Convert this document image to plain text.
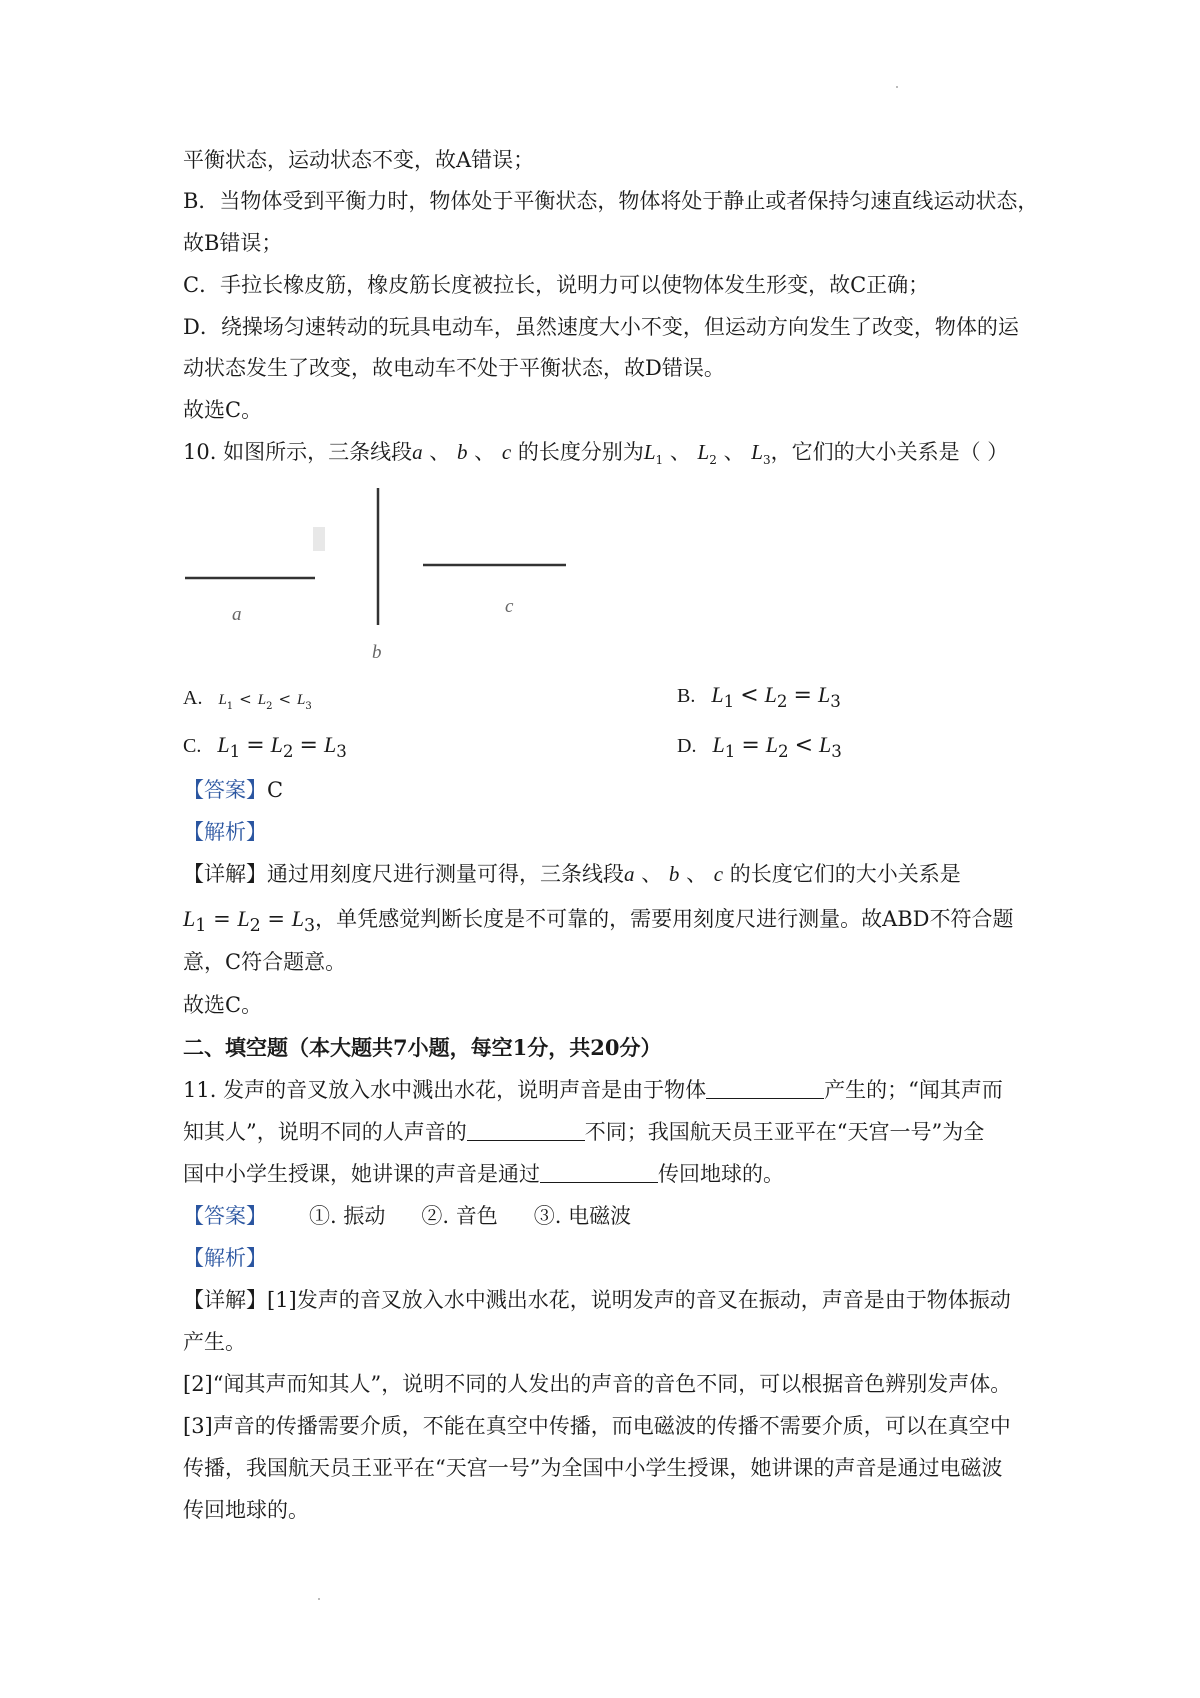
平衡状态，运动状态不变，故A错误；
B．当物体受到平衡力时，物体处于平衡状态，物体将处于静止或者保持匀速直线运动状态，
故B错误；
C．手拉长橡皮筋，橡皮筋长度被拉长，说明力可以使物体发生形变，故C正确；
D．绕操场匀速转动的玩具电动车，虽然速度大小不变，但运动方向发生了改变，物体的运
动状态发生了改变，故电动车不处于平衡状态，故D错误。
故选C。
10. 如图所示，三条线段a 、 b 、 c 的长度分别为$L_1$ 、 $L_2$ 、 $L_3$，它们的大小关系是（ ）
a
b
c
A. $L_1 < L_2 < L_3$	B. $L_1 < L_2 = L_3$
C. $L_1 = L_2 = L_3$	D. $L_1 = L_2 < L_3$
【答案】C
【解析】
【详解】通过用刻度尺进行测量可得，三条线段a 、 b 、 c 的长度它们的大小关系是
$L_1 = L_2 = L_3$，单凭感觉判断长度是不可靠的，需要用刻度尺进行测量。故ABD不符合题
意，C符合题意。
故选C。
二、填空题（本大题共7小题，每空1分，共20分）
11. 发声的音叉放入水中溅出水花，说明声音是由于物体	产生的；“闻其声而
知其人”，说明不同的人声音的	不同；我国航天员王亚平在“天宫一号”为全
国中小学生授课，她讲课的声音是通过	传回地球的。
【答案】 ①. 振动 ②. 音色 ③. 电磁波
【解析】
【详解】[1]发声的音叉放入水中溅出水花，说明发声的音叉在振动，声音是由于物体振动
产生。
[2]“闻其声而知其人”，说明不同的人发出的声音的音色不同，可以根据音色辨别发声体。
[3]声音的传播需要介质，不能在真空中传播，而电磁波的传播不需要介质，可以在真空中
传播，我国航天员王亚平在“天宫一号”为全国中小学生授课，她讲课的声音是通过电磁波
传回地球的。
